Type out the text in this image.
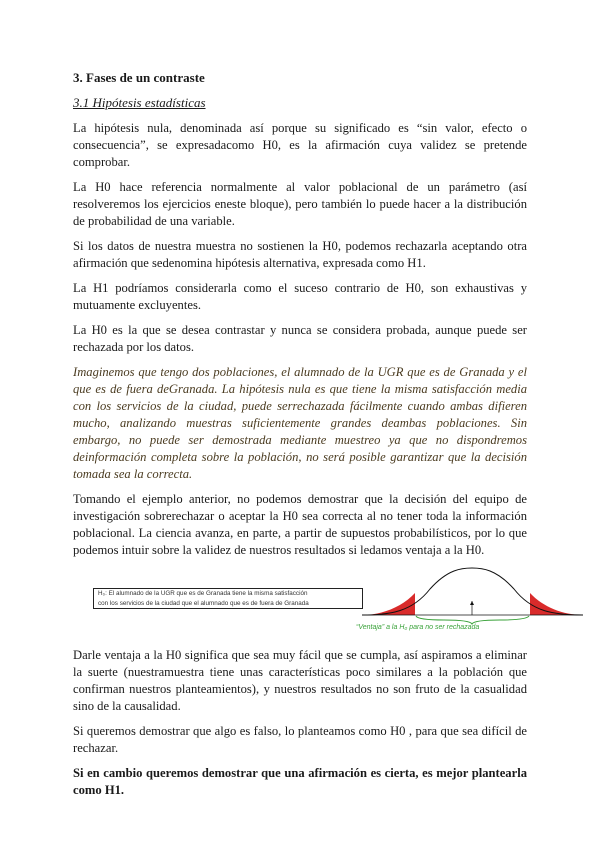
3. Fases de un contraste
3.1 Hipótesis estadísticas

La hipótesis nula, denominada así porque su significado es “sin valor, efecto o consecuencia”, se expresadacomo H0, es la afirmación cuya validez se pretende comprobar.

La H0 hace referencia normalmente al valor poblacional de un parámetro (así resolveremos los ejercicios eneste bloque), pero también lo puede hacer a la distribución de probabilidad de una variable.

Si los datos de nuestra muestra no sostienen la H0, podemos rechazarla aceptando otra afirmación que sedenomina hipótesis alternativa, expresada como H1.

La H1 podríamos considerarla como el suceso contrario de H0, son exhaustivas y mutuamente excluyentes.

La H0 es la que se desea contrastar y nunca se considera probada, aunque puede ser rechazada por los datos.

Imaginemos que tengo dos poblaciones, el alumnado de la UGR que es de Granada y el que es de fuera deGranada. La hipótesis nula es que tiene la misma satisfacción media con los servicios de la ciudad, puede serrechazada fácilmente cuando ambas difieren mucho, analizando muestras suficientemente grandes deambas poblaciones. Sin embargo, no puede ser demostrada mediante muestreo ya que no dispondremos deinformación completa sobre la población, no será posible garantizar que la decisión tomada sea la correcta.

Tomando el ejemplo anterior, no podemos demostrar que la decisión del equipo de investigación sobrerechazar o aceptar la H0 sea correcta al no tener toda la información poblacional. La ciencia avanza, en parte, a partir de supuestos probabilísticos, por lo que podemos intuir sobre la validez de nuestros resultados si ledamos ventaja a la H0.

H₀: El alumnado de la UGR que es de Granada tiene la misma satisfacción
con los servicios de la ciudad que el alumnado que es de fuera de Granada
“Ventaja” a la H₀ para no ser rechazada

Darle ventaja a la H0 significa que sea muy fácil que se cumpla, así aspiramos a eliminar la suerte (nuestramuestra tiene unas características poco similares a la población que confirman nuestros planteamientos), y nuestros resultados no son fruto de la casualidad sino de la causalidad.

Si queremos demostrar que algo es falso, lo planteamos como H0 , para que sea difícil de rechazar.

Si en cambio queremos demostrar que una afirmación es cierta, es mejor plantearla como H1.
